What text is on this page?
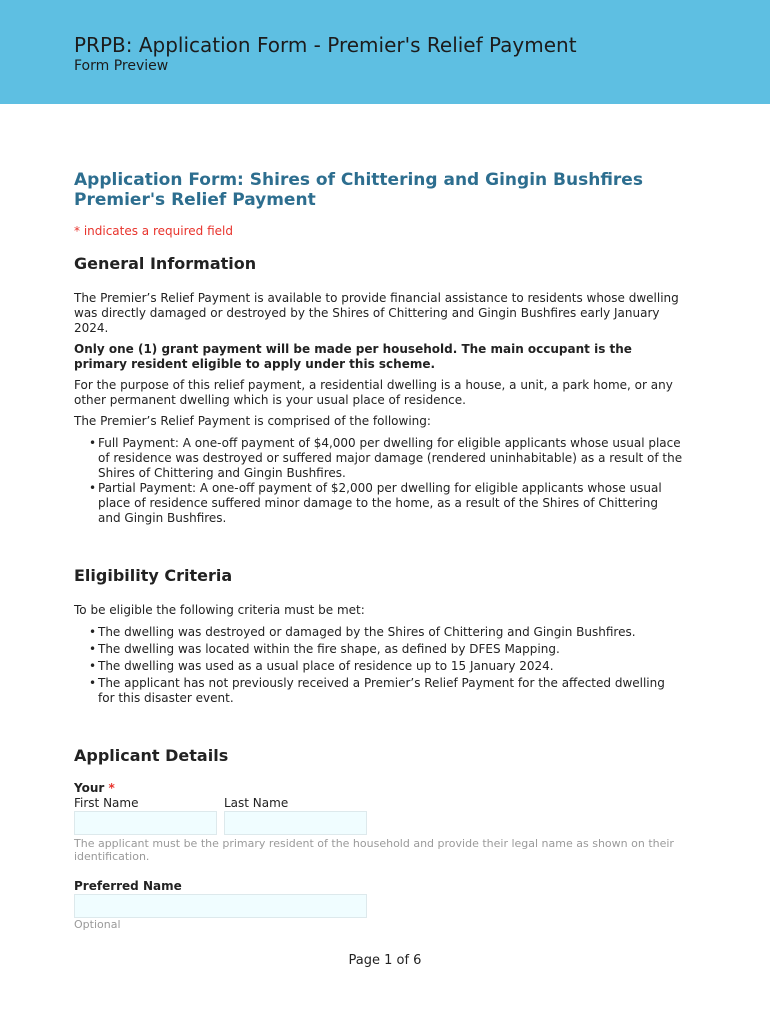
PRPB: Application Form - Premier's Relief Payment
Form Preview
Application Form: Shires of Chittering and Gingin Bushfires
Premier's Relief Payment
* indicates a required field
General Information

The Premier’s Relief Payment is available to provide financial assistance to residents whose dwelling was directly damaged or destroyed by the Shires of Chittering and Gingin Bushfires early January 2024.

Only one (1) grant payment will be made per household. The main occupant is the primary resident eligible to apply under this scheme.

For the purpose of this relief payment, a residential dwelling is a house, a unit, a park home, or any other permanent dwelling which is your usual place of residence.

The Premier’s Relief Payment is comprised of the following:

• Full Payment: A one-off payment of $4,000 per dwelling for eligible applicants whose usual place of residence was destroyed or suffered major damage (rendered uninhabitable) as a result of the Shires of Chittering and Gingin Bushfires.
• Partial Payment: A one-off payment of $2,000 per dwelling for eligible applicants whose usual place of residence suffered minor damage to the home, as a result of the Shires of Chittering and Gingin Bushfires.
Eligibility Criteria

To be eligible the following criteria must be met:

• The dwelling was destroyed or damaged by the Shires of Chittering and Gingin Bushfires.
• The dwelling was located within the fire shape, as defined by DFES Mapping.
• The dwelling was used as a usual place of residence up to 15 January 2024.
• The applicant has not previously received a Premier’s Relief Payment for the affected dwelling for this disaster event.
Applicant Details
Your *
First Name	Last Name
The applicant must be the primary resident of the household and provide their legal name as shown on their identification.
Preferred Name
Optional
Page 1 of 6
